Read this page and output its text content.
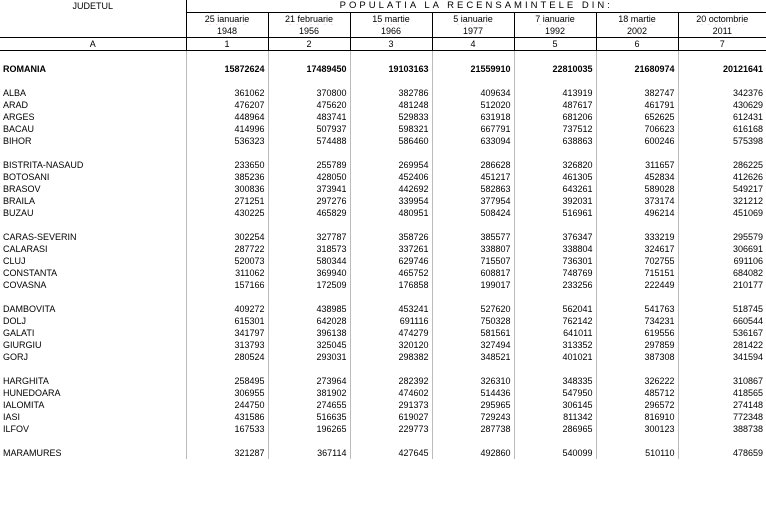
JUDETUL	POPULATIA LA RECENSAMINTELE DIN:						
	25 ianuarie	21 februarie	15 martie	5 ianuarie	7 ianuarie	18 martie	20 octombrie
	1948	1956	1966	1977	1992	2002	2011
A	1	2	3	4	5	6	7

ROMANIA	15872624	17489450	19103163	21559910	22810035	21680974	20121641

ALBA	361062	370800	382786	409634	413919	382747	342376
ARAD	476207	475620	481248	512020	487617	461791	430629
ARGES	448964	483741	529833	631918	681206	652625	612431
BACAU	414996	507937	598321	667791	737512	706623	616168
BIHOR	536323	574488	586460	633094	638863	600246	575398

BISTRITA-NASAUD	233650	255789	269954	286628	326820	311657	286225
BOTOSANI	385236	428050	452406	451217	461305	452834	412626
BRASOV	300836	373941	442692	582863	643261	589028	549217
BRAILA	271251	297276	339954	377954	392031	373174	321212
BUZAU	430225	465829	480951	508424	516961	496214	451069

CARAS-SEVERIN	302254	327787	358726	385577	376347	333219	295579
CALARASI	287722	318573	337261	338807	338804	324617	306691
CLUJ	520073	580344	629746	715507	736301	702755	691106
CONSTANTA	311062	369940	465752	608817	748769	715151	684082
COVASNA	157166	172509	176858	199017	233256	222449	210177

DAMBOVITA	409272	438985	453241	527620	562041	541763	518745
DOLJ	615301	642028	691116	750328	762142	734231	660544
GALATI	341797	396138	474279	581561	641011	619556	536167
GIURGIU	313793	325045	320120	327494	313352	297859	281422
GORJ	280524	293031	298382	348521	401021	387308	341594

HARGHITA	258495	273964	282392	326310	348335	326222	310867
HUNEDOARA	306955	381902	474602	514436	547950	485712	418565
IALOMITA	244750	274655	291373	295965	306145	296572	274148
IASI	431586	516635	619027	729243	811342	816910	772348
ILFOV	167533	196265	229773	287738	286965	300123	388738

MARAMURES	321287	367114	427645	492860	540099	510110	478659
